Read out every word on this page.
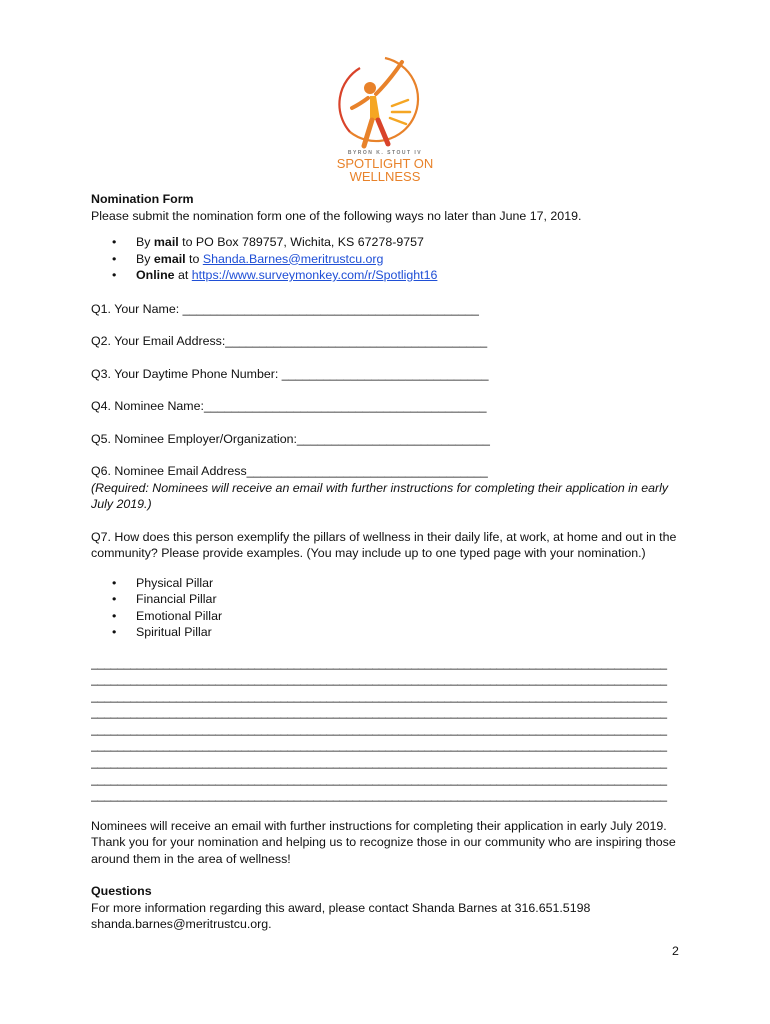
BYRON K. STOUT IV
SPOTLIGHT ON
WELLNESS

Nomination Form

Please submit the nomination form one of the following ways no later than June 17, 2019.

• By mail to PO Box 789757, Wichita, KS 67278-9757
• By email to Shanda.Barnes@meritrustcu.org
• Online at https://www.surveymonkey.com/r/Spotlight16

Q1. Your Name: ___________________________________________

Q2. Your Email Address:______________________________________

Q3. Your Daytime Phone Number: ______________________________

Q4. Nominee Name:_________________________________________

Q5. Nominee Employer/Organization:____________________________

Q6. Nominee Email Address___________________________________

(Required: Nominees will receive an email with further instructions for completing their application in early July 2019.)

Q7. How does this person exemplify the pillars of wellness in their daily life, at work, at home and out in the community? Please provide examples. (You may include up to one typed page with your nomination.)

• Physical Pillar
• Financial Pillar
• Emotional Pillar
• Spiritual Pillar
________________________________________________________________________________________
________________________________________________________________________________________
________________________________________________________________________________________
________________________________________________________________________________________
________________________________________________________________________________________
________________________________________________________________________________________
________________________________________________________________________________________
________________________________________________________________________________________
________________________________________________________________________________________

Nominees will receive an email with further instructions for completing their application in early July 2019. Thank you for your nomination and helping us to recognize those in our community who are inspiring those around them in the area of wellness!

Questions

For more information regarding this award, please contact Shanda Barnes at 316.651.5198 shanda.barnes@meritrustcu.org.

2
